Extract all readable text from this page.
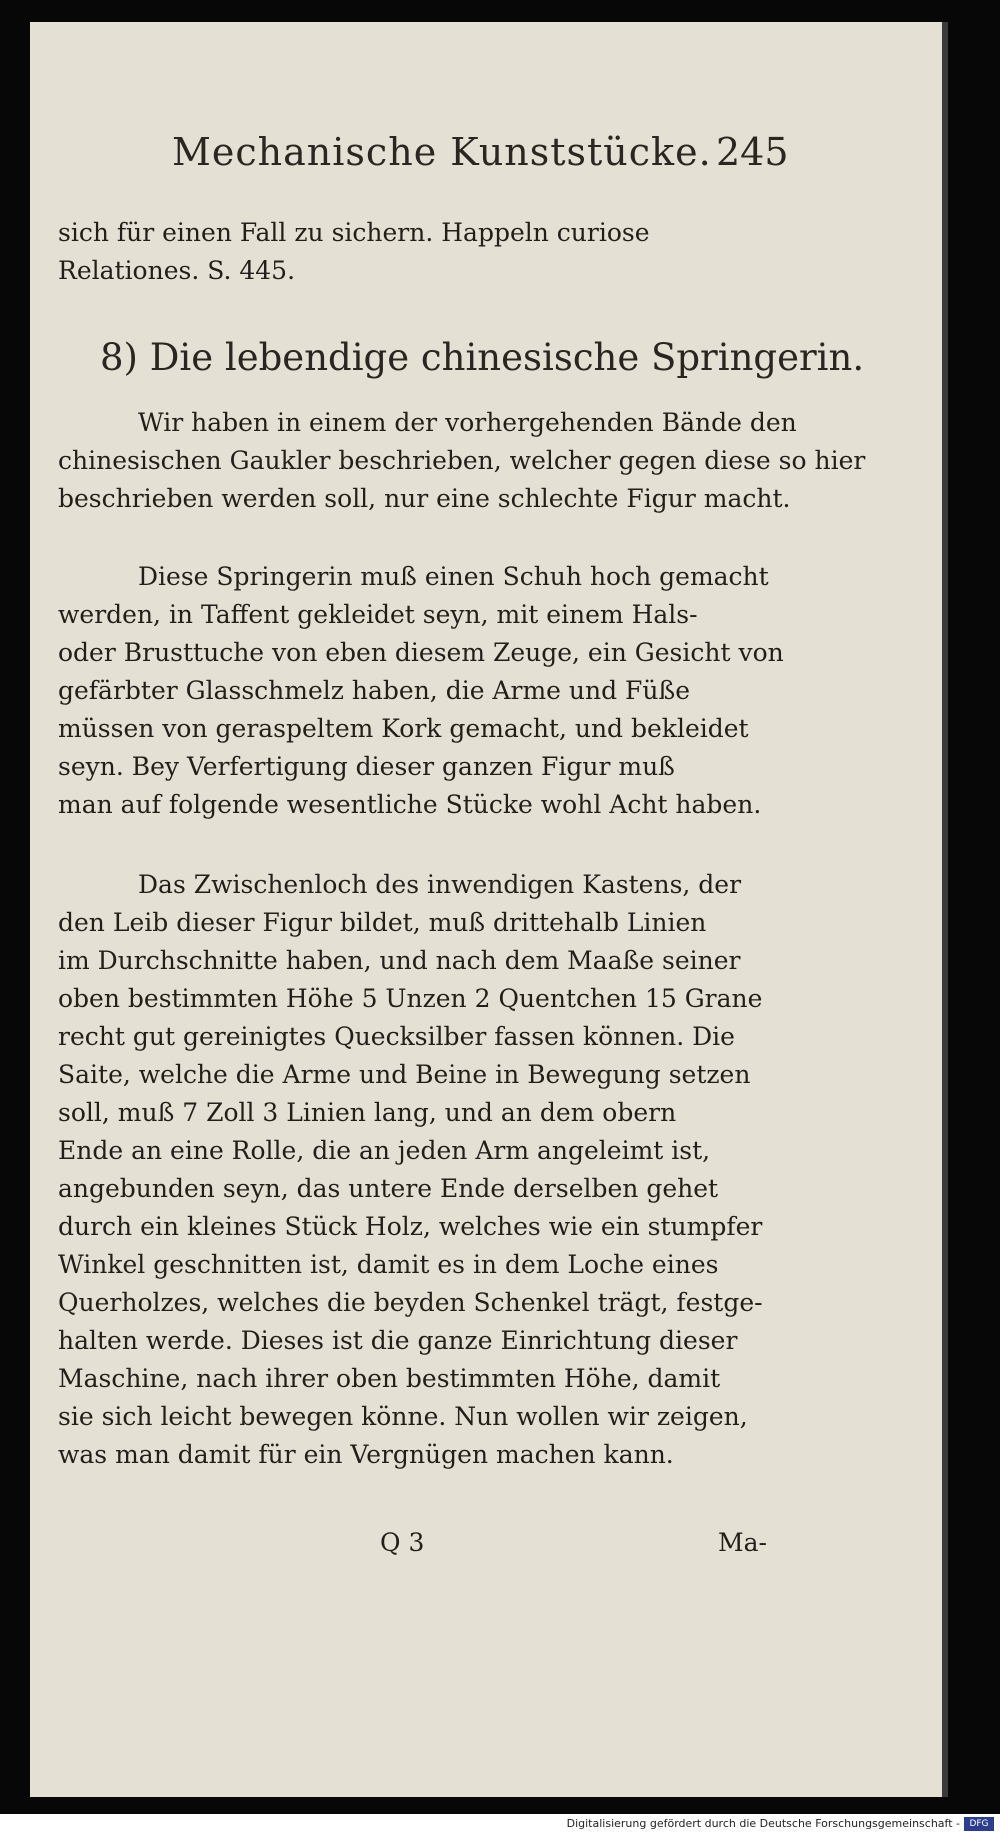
Mechanische Kunststücke. 245
sich für einen Fall zu sichern. Happeln curiose
Relationes. S. 445.
8) Die lebendige chinesische Springerin.
Wir haben in einem der vorhergehenden Bände den
chinesischen Gaukler beschrieben, welcher gegen diese so hier
beschrieben werden soll, nur eine schlechte Figur macht.
Diese Springerin muß einen Schuh hoch gemacht
werden, in Taffent gekleidet seyn, mit einem Hals-
oder Brusttuche von eben diesem Zeuge, ein Gesicht von
gefärbter Glasschmelz haben, die Arme und Füße
müssen von geraspeltem Kork gemacht, und bekleidet
seyn. Bey Verfertigung dieser ganzen Figur muß
man auf folgende wesentliche Stücke wohl Acht haben.
Das Zwischenloch des inwendigen Kastens, der
den Leib dieser Figur bildet, muß drittehalb Linien
im Durchschnitte haben, und nach dem Maaße seiner
oben bestimmten Höhe 5 Unzen 2 Quentchen 15 Grane
recht gut gereinigtes Quecksilber fassen können. Die
Saite, welche die Arme und Beine in Bewegung setzen
soll, muß 7 Zoll 3 Linien lang, und an dem obern
Ende an eine Rolle, die an jeden Arm angeleimt ist,
angebunden seyn, das untere Ende derselben gehet
durch ein kleines Stück Holz, welches wie ein stumpfer
Winkel geschnitten ist, damit es in dem Loche eines
Querholzes, welches die beyden Schenkel trägt, festge-
halten werde. Dieses ist die ganze Einrichtung dieser
Maschine, nach ihrer oben bestimmten Höhe, damit
sie sich leicht bewegen könne. Nun wollen wir zeigen,
was man damit für ein Vergnügen machen kann.
Q 3	Ma-
Digitalisierung gefördert durch die Deutsche Forschungsgemeinschaft -	DFG
